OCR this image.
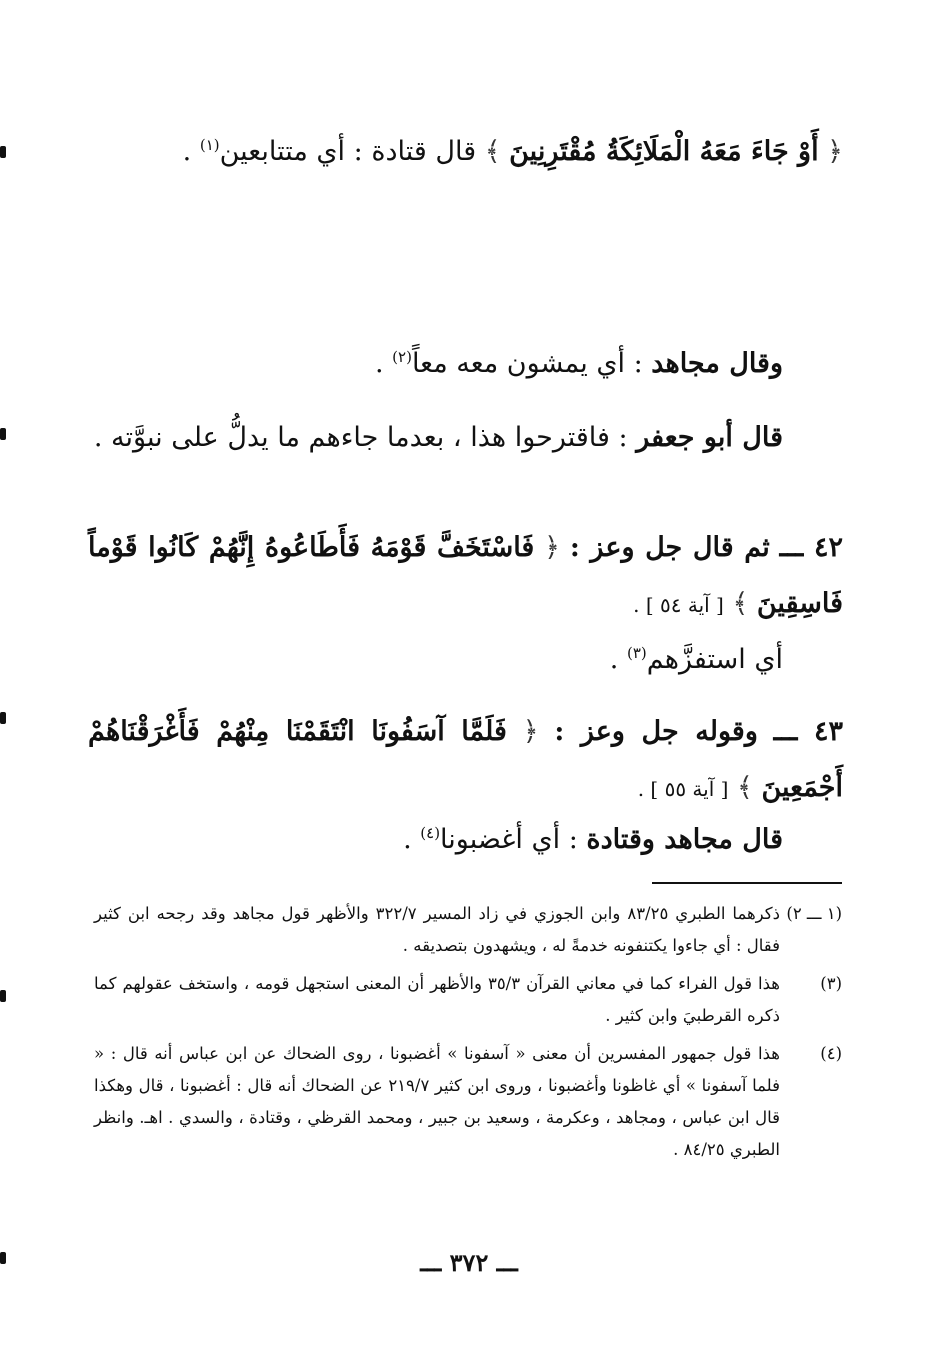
﴿ أَوْ جَاءَ مَعَهُ الْمَلَائِكَةُ مُقْتَرِنِينَ ﴾ قال قتادة : أي متتابعين$^{(١)}$ .

وقال مجاهد : أي يمشون معه معاً$^{(٢)}$ .

قال أبو جعفر : فاقترحوا هذا ، بعدما جاءهم ما يدلُّ على نبوَّته .

٤٢ ـــ ثم قال جل وعز : ﴿ فَاسْتَخَفَّ قَوْمَهُ فَأَطَاعُوهُ إِنَّهُمْ كَانُوا قَوْماً فَاسِقِينَ ﴾ [ آية ٥٤ ] .

أي استفزَّهم$^{(٣)}$ .

٤٣ ـــ وقوله جل وعز : ﴿ فَلَمَّا آسَفُونَا انْتَقَمْنَا مِنْهُمْ فَأَغْرَقْنَاهُمْ أَجْمَعِينَ ﴾ [ آية ٥٥ ] .

قال مجاهد وقتادة : أي أغضبونا$^{(٤)}$ .

(١ ـــ ٢)
ذكرهما الطبري ٨٣/٢٥ وابن الجوزي في زاد المسير ٣٢٢/٧ والأظهر قول مجاهد وقد رجحه ابن كثير فقال : أي جاءوا يكتنفونه خدمةً له ، ويشهدون بتصديقه .

(٣)
هذا قول الفراء كما في معاني القرآن ٣٥/٣ والأظهر أن المعنى استجهل قومه ، واستخف عقولهم كما ذكره القرطبيَ وابن كثير .

(٤)
هذا قول جمهور المفسرين أن معنى « آسفونا » أغضبونا ، روى الضحاك عن ابن عباس أنه قال : « فلما آسفونا » أي غاظونا وأغضبونا ، وروى ابن كثير ٢١٩/٧ عن الضحاك أنه قال : أغضبونا ، قال وهكذا قال ابن عباس ، ومجاهد ، وعكرمة ، وسعيد بن جبير ، ومحمد القرظي ، وقتادة ، والسدي . اهـ. وانظر الطبري ٨٤/٢٥ .

ـــ ٣٧٢ ـــ
